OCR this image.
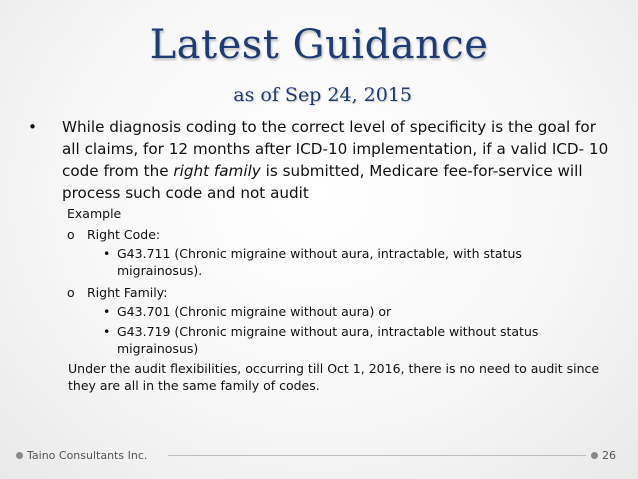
Latest Guidance
as of Sep 24, 2015
• While diagnosis coding to the correct level of specificity is the goal for all claims, for 12 months after ICD-10 implementation, if a valid ICD- 10 code from the right family is submitted, Medicare fee-for-service will process such code and not audit
Example
o Right Code:
• G43.711 (Chronic migraine without aura, intractable, with status migrainosus).
o Right Family:
• G43.701 (Chronic migraine without aura) or
• G43.719 (Chronic migraine without aura, intractable without status migrainosus)
Under the audit flexibilities, occurring till Oct 1, 2016, there is no need to audit since they are all in the same family of codes.
Taino Consultants Inc.	26
